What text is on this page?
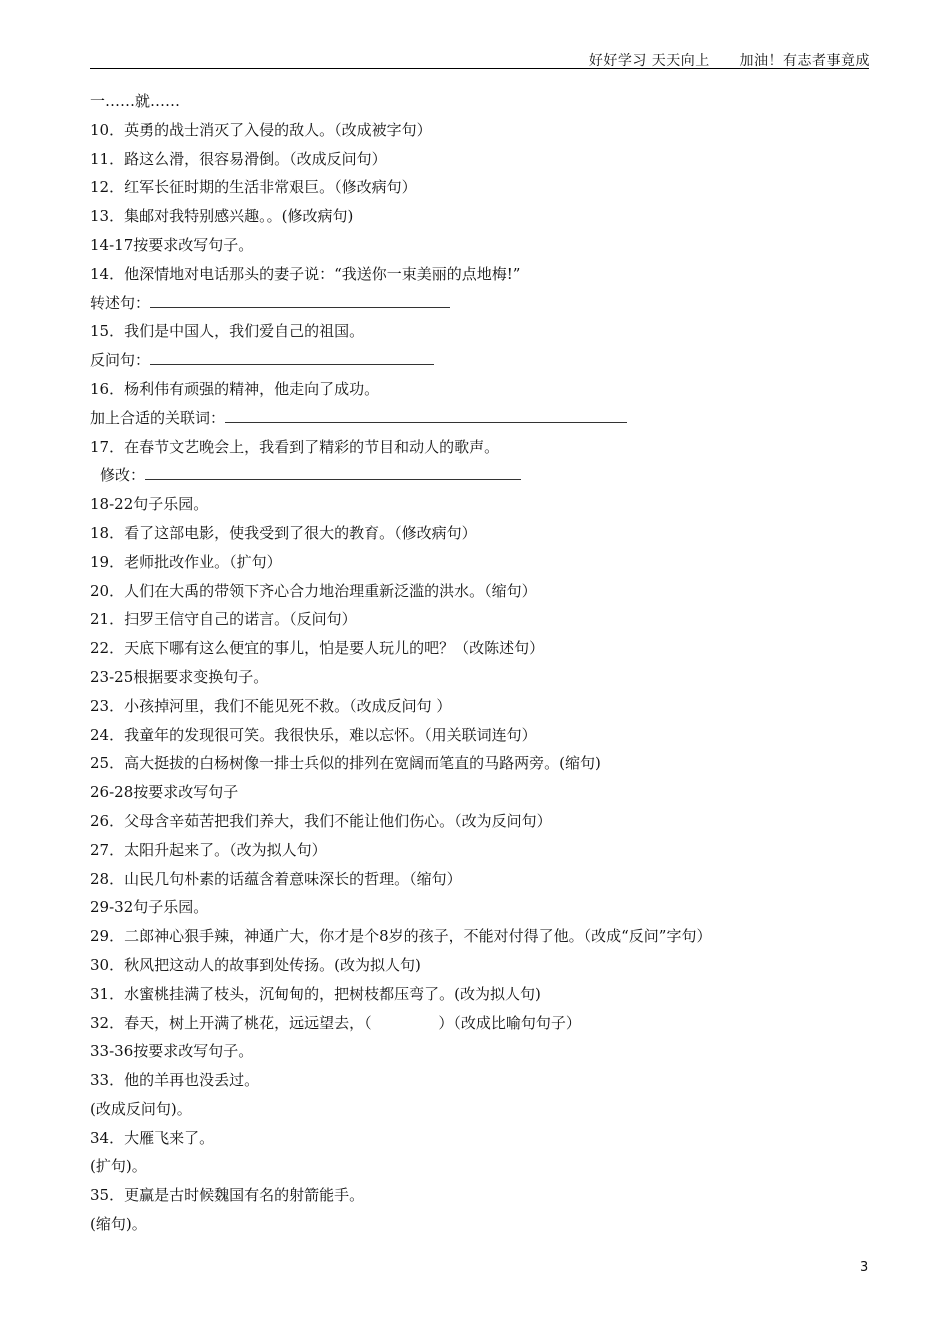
好好学习 天天向上      加油！有志者事竟成
一……就……
10．英勇的战士消灭了入侵的敌人。（改成被字句）
11．路这么滑，很容易滑倒。（改成反问句）
12．红军长征时期的生活非常艰巨。（修改病句）
13．集邮对我特别感兴趣。。(修改病句)
14-17按要求改写句子。
14．他深情地对电话那头的妻子说：“我送你一束美丽的点地梅!”
转述句：
15．我们是中国人，我们爱自己的祖国。
反问句：
16．杨利伟有顽强的精神，他走向了成功。
加上合适的关联词：
17．在春节文艺晚会上，我看到了精彩的节目和动人的歌声。
修改：
18-22句子乐园。
18．看了这部电影，使我受到了很大的教育。（修改病句）
19．老师批改作业。（扩句）
20．人们在大禹的带领下齐心合力地治理重新泛滥的洪水。（缩句）
21．扫罗王信守自己的诺言。（反问句）
22．天底下哪有这么便宜的事儿，怕是要人玩儿的吧？（改陈述句）
23-25根据要求变换句子。
23．小孩掉河里，我们不能见死不救。（改成反问句 ）
24．我童年的发现很可笑。我很快乐，难以忘怀。（用关联词连句）
25．高大挺拔的白杨树像一排士兵似的排列在宽阔而笔直的马路两旁。(缩句)
26-28按要求改写句子
26．父母含辛茹苦把我们养大，我们不能让他们伤心。（改为反问句）
27．太阳升起来了。（改为拟人句）
28．山民几句朴素的话蕴含着意味深长的哲理。（缩句）
29-32句子乐园。
29．二郎神心狠手辣，神通广大，你才是个8岁的孩子，不能对付得了他。（改成“反问”字句）
30．秋风把这动人的故事到处传扬。(改为拟人句)
31．水蜜桃挂满了枝头，沉甸甸的，把树枝都压弯了。(改为拟人句)
32．春天，树上开满了桃花，远远望去，（              ）（改成比喻句句子）
33-36按要求改写句子。
33．他的羊再也没丢过。
(改成反问句)。
34．大雁飞来了。
(扩句)。
35．更赢是古时候魏国有名的射箭能手。
(缩句)。
3
